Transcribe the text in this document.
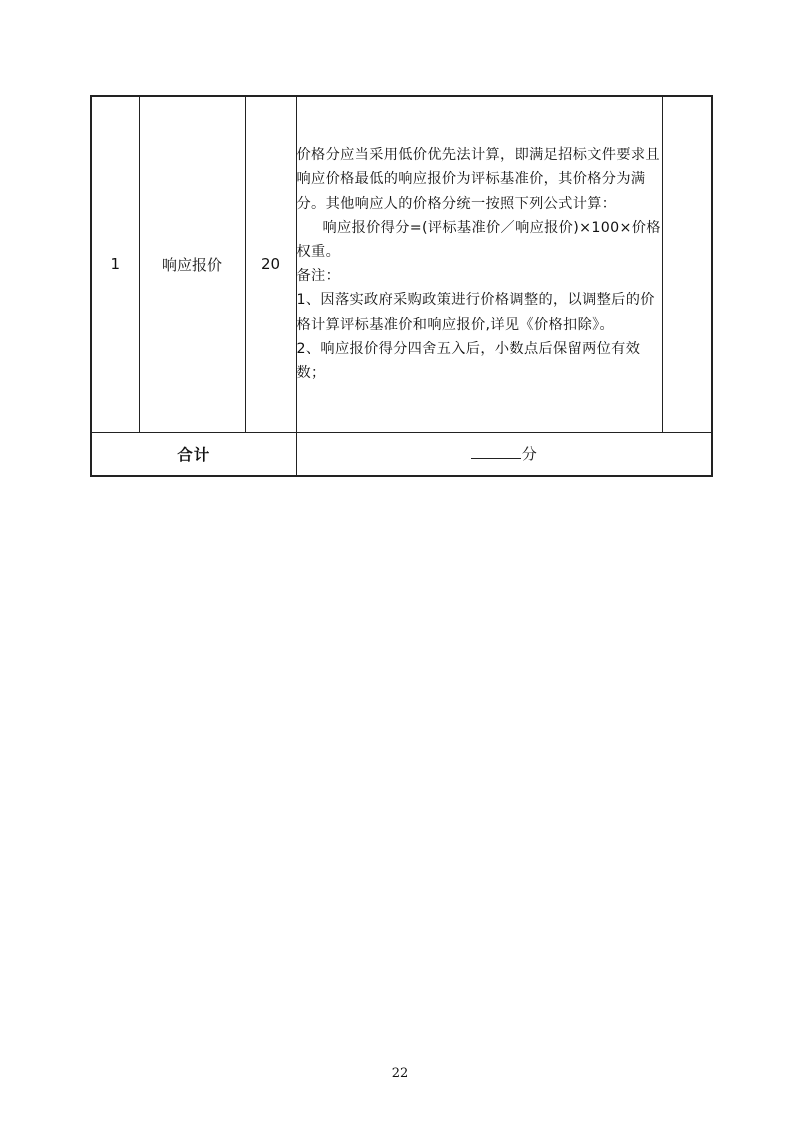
1	响应报价	20	价格分应当采用低价优先法计算，即满足招标文件要求且响应价格最低的响应报价为评标基准价，其价格分为满分。其他响应人的价格分统一按照下列公式计算：

响应报价得分=(评标基准价／响应报价)×100×价格权重。

备注：

1、因落实政府采购政策进行价格调整的，以调整后的价格计算评标基准价和响应报价,详见《价格扣除》。

2、响应报价得分四舍五入后，小数点后保留两位有效数；	

合计			分	
22
